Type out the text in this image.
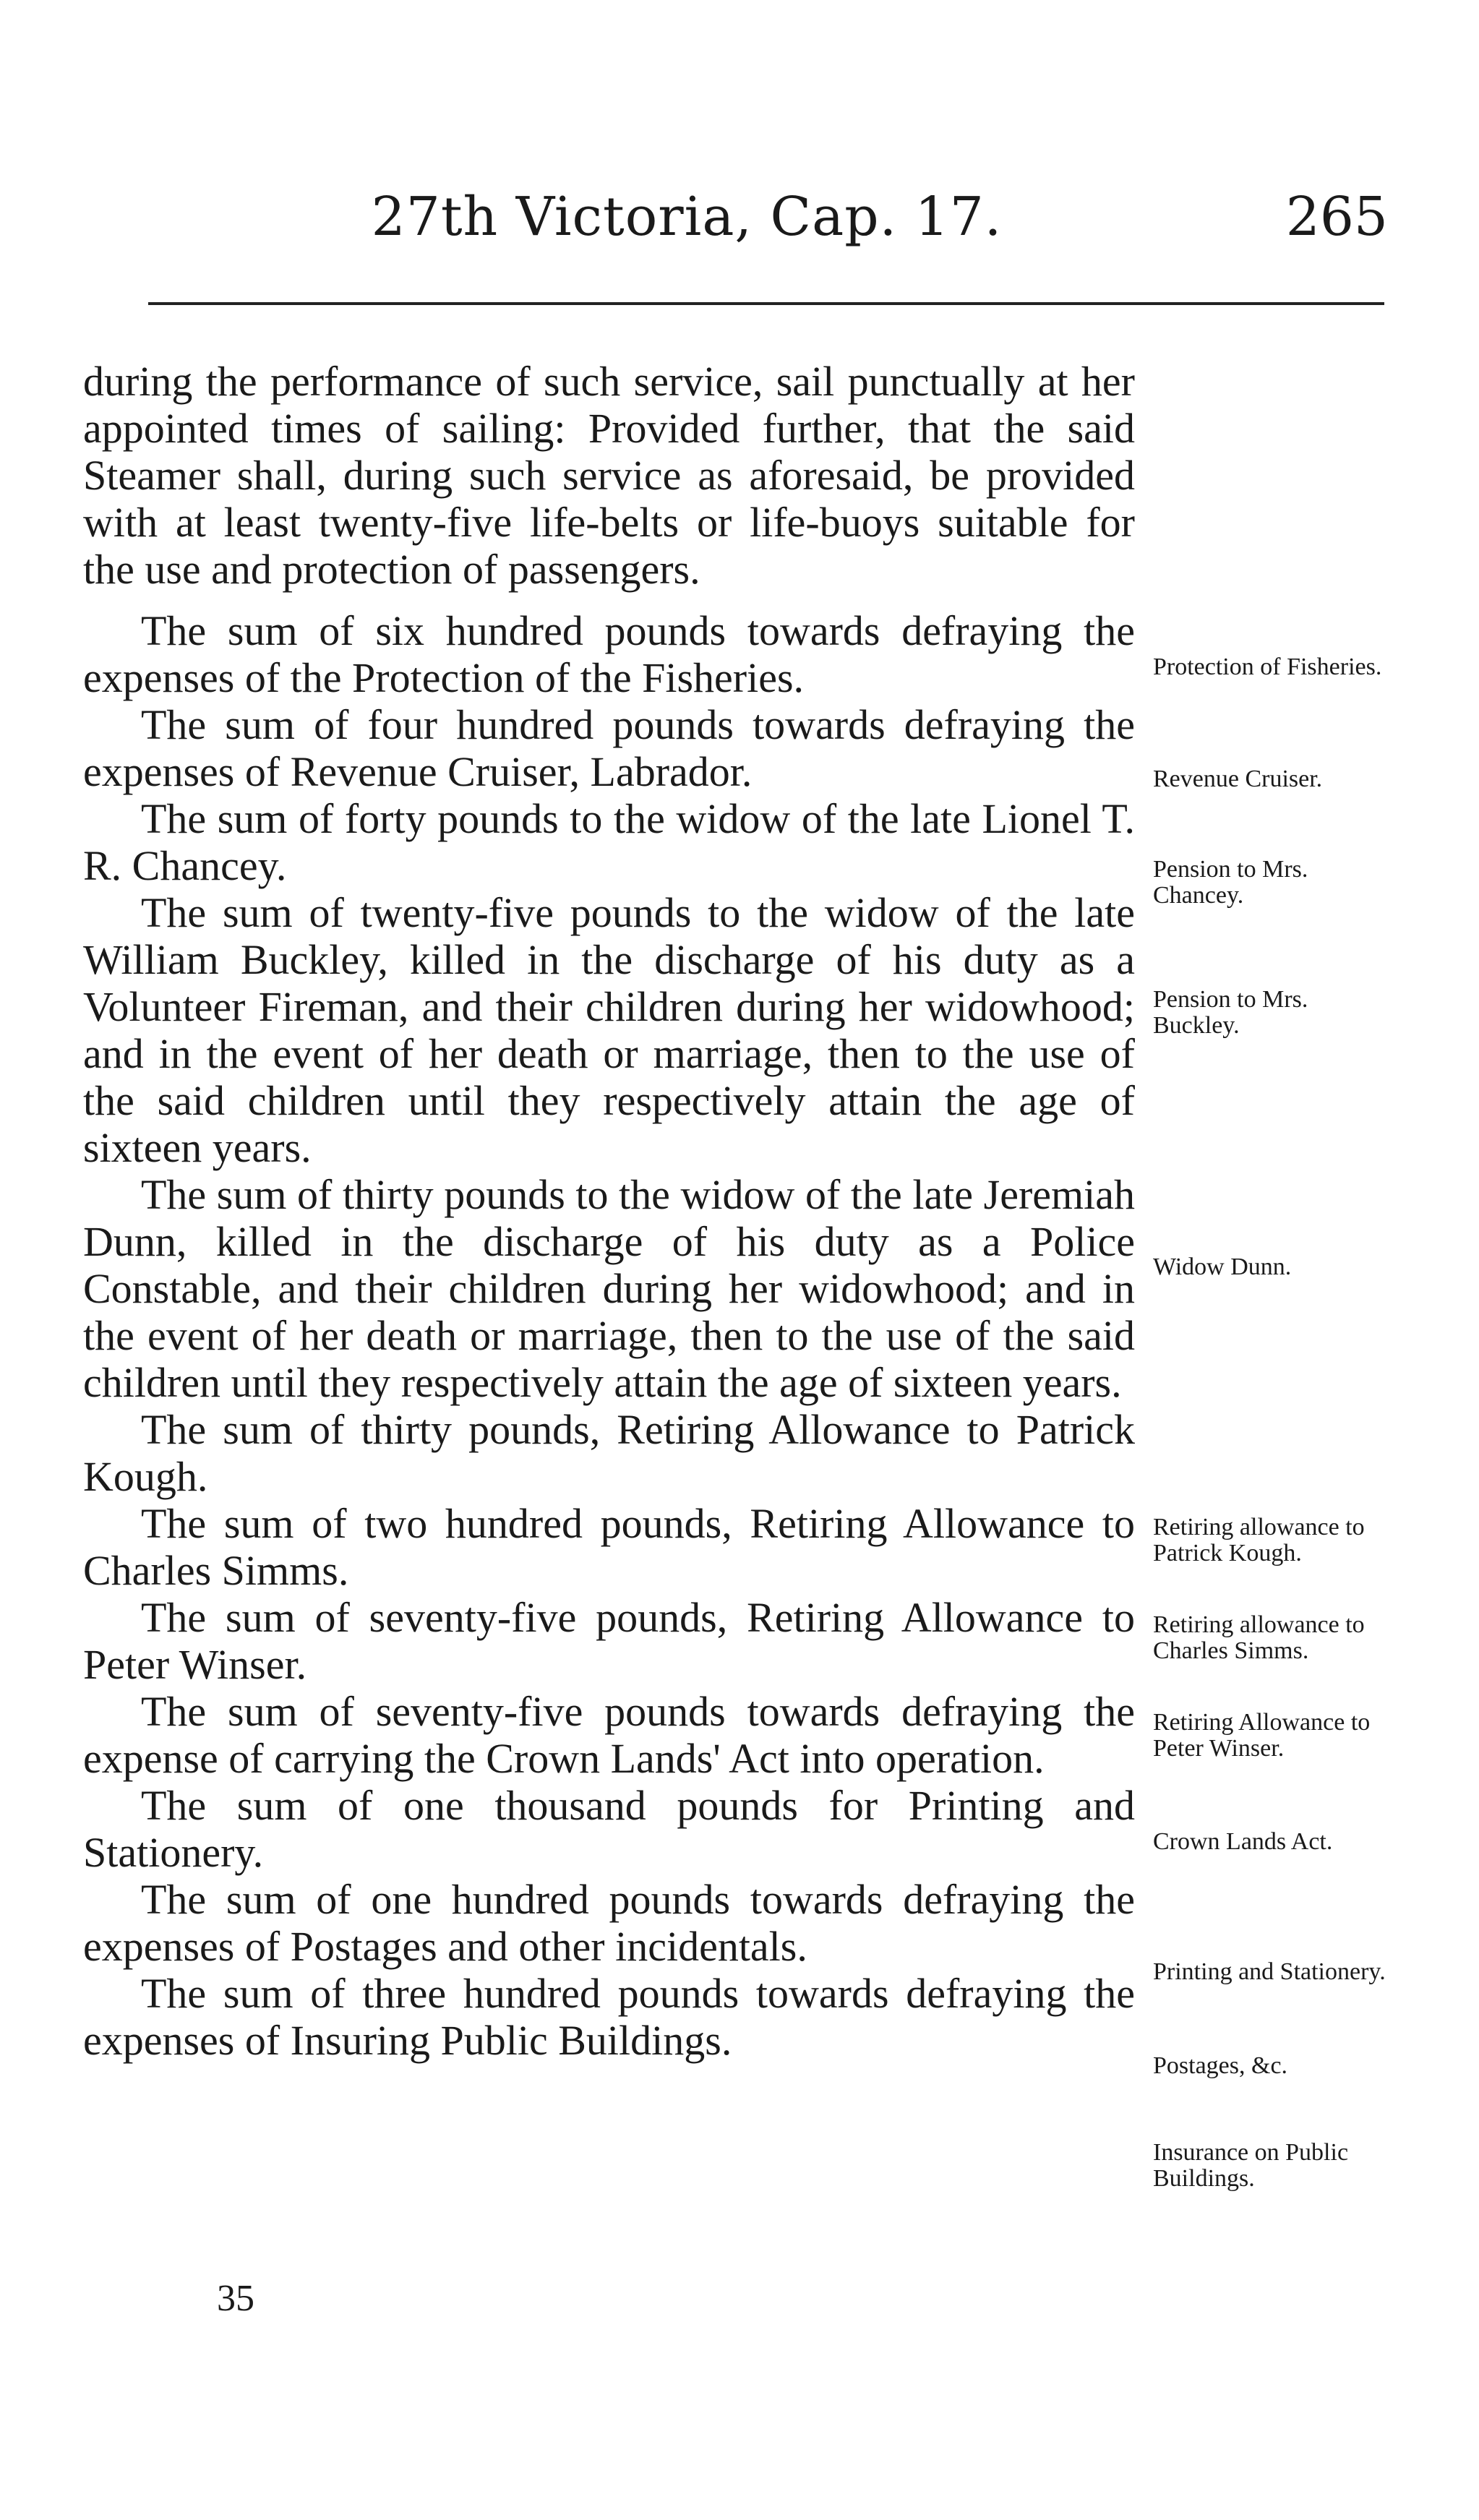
27th Victoria, Cap. 17.	265

during the performance of such service, sail punctually at her appointed times of sailing: Provided further, that the said Steamer shall, during such service as aforesaid, be provided with at least twenty-five life-belts or life-buoys suitable for the use and protection of passengers.

The sum of six hundred pounds towards defraying the expenses of the Protection of the Fisheries.

The sum of four hundred pounds towards defraying the expenses of Revenue Cruiser, Labrador.

The sum of forty pounds to the widow of the late Lionel T. R. Chancey.

The sum of twenty-five pounds to the widow of the late William Buckley, killed in the discharge of his duty as a Volunteer Fireman, and their children during her widowhood; and in the event of her death or marriage, then to the use of the said children until they respectively attain the age of sixteen years.

The sum of thirty pounds to the widow of the late Jeremiah Dunn, killed in the discharge of his duty as a Police Constable, and their children during her widowhood; and in the event of her death or marriage, then to the use of the said children until they respectively attain the age of sixteen years.

The sum of thirty pounds, Retiring Allowance to Patrick Kough.

The sum of two hundred pounds, Retiring Allowance to Charles Simms.

The sum of seventy-five pounds, Retiring Allowance to Peter Winser.

The sum of seventy-five pounds towards defraying the expense of carrying the Crown Lands' Act into operation.

The sum of one thousand pounds for Printing and Stationery.

The sum of one hundred pounds towards defraying the expenses of Postages and other incidentals.

The sum of three hundred pounds towards defraying the expenses of Insuring Public Buildings.

Protection of Fisheries.
Revenue Cruiser.
Pension to Mrs. Chancey.
Pension to Mrs. Buckley.
Widow Dunn.
Retiring allowance to Patrick Kough.
Retiring allowance to Charles Simms.
Retiring Allowance to Peter Winser.
Crown Lands Act.
Printing and Stationery.
Postages, &c.
Insurance on Public Buildings.
35
